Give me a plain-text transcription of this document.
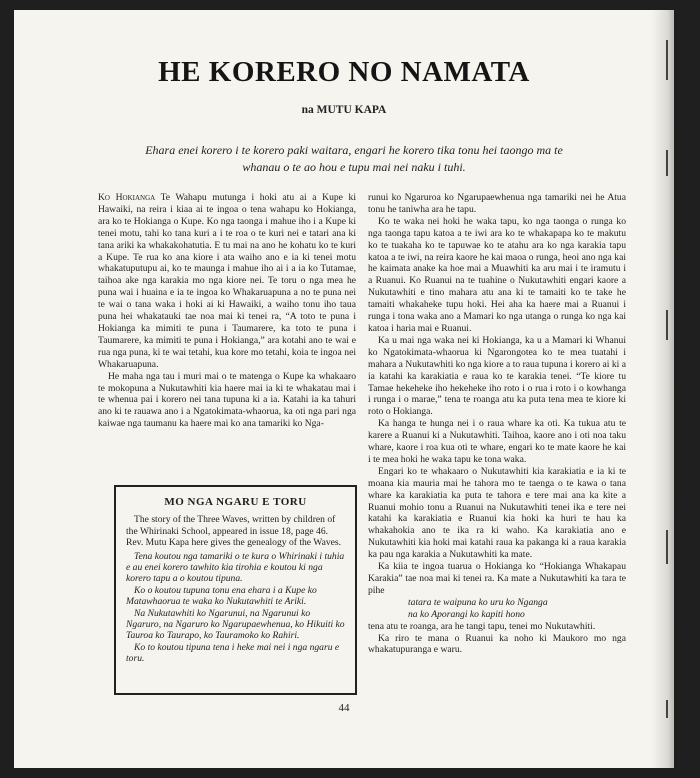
HE KORERO NO NAMATA
na MUTU KAPA
Ehara enei korero i te korero paki waitara, engari he korero tika tonu hei taongo ma te whanau o te ao hou e tupu mai nei naku i tuhi.

Ko Hokianga Te Wahapu mutunga i hoki atu ai a Kupe ki Hawaiki, na reira i kiaa ai te ingoa o tena wahapu ko Hokianga, ara ko te Hokianga o Kupe. Ko nga taonga i mahue iho i a Kupe ki tenei motu, tahi ko tana kuri a i te roa o te kuri nei e tatari ana ki tana ariki ka whakakohatutia. E tu mai na ano he kohatu ko te kuri a Kupe. Te rua ko ana kiore i ata waiho ano e ia ki tenei motu whakatuputupu ai, ko te maunga i mahue iho ai i a ia ko Tutamae, taihoa ake nga karakia mo nga kiore nei. Te toru o nga mea he puna wai i huaina e ia te ingoa ko Whakaruapuna a no te puna nei te wai o tana waka i hoki ai ki Hawaiki, a waiho tonu iho taua puna hei whakatauki tae noa mai ki tenei ra, “A toto te puna i Hokianga ka mimiti te puna i Taumarere, ka toto te puna i Taumarere, ka mimiti te puna i Hokianga,” ara kotahi ano te wai e rua nga puna, ki te wai tetahi, kua kore mo tetahi, koia te ingoa nei Whakaruapuna.

He maha nga tau i muri mai o te matenga o Kupe ka whakaaro te mokopuna a Nukutawhiti kia haere mai ia ki te whakatau mai i te whenua pai i korero nei tana tupuna ki a ia. Katahi ia ka tahuri ano ki te rauawa ano i a Ngatokimata-whaorua, ka oti nga pari nga kaiwae nga taumanu ka haere mai ko ana tamariki ko Nga-

MO NGA NGARU E TORU

The story of the Three Waves, written by children of the Whirinaki School, appeared in issue 18, page 46. Rev. Mutu Kapa here gives the genealogy of the Waves.

Tena koutou nga tamariki o te kura o Whirinaki i tuhia e au enei korero tawhito kia tirohia e koutou ki nga korero tapu a o koutou tipuna.

Ko o koutou tupuna tonu ena ehara i a Kupe ko Matawhaorua te waka ko Nukutawhiti te Ariki.

Na Nukutawhiti ko Ngarunui, na Ngarunui ko Ngaruro, na Ngaruro ko Ngarupaewhenua, ko Hikuiti ko Tauroa ko Taurapo, ko Tauramoko ko Rahiri.

Ko to koutou tipuna tena i heke mai nei i nga ngaru e toru.

runui ko Ngaruroa ko Ngarupaewhenua nga tamariki nei he Atua tonu he taniwha ara he tapu.

Ko te waka nei hoki he waka tapu, ko nga taonga o runga ko nga taonga tapu katoa a te iwi ara ko te whakapapa ko te makutu ko te tuakaha ko te tapuwae ko te atahu ara ko nga karakia tapu katoa a te iwi, na reira kaore he kai maoa o runga, heoi ano nga kai he kaimata anake ka hoe mai a Muawhiti ka aru mai i te iramutu i a Ruanui. Ko Ruanui na te tuahine o Nukutawhiti engari kaore a Nukutawhiti e tino mahara atu ana ki te tamaiti ko te take he tamaiti whakaheke tupu hoki. Hei aha ka haere mai a Ruanui i runga i tona waka ano a Mamari ko nga utanga o runga ko nga kai katoa i haria mai e Ruanui.

Ka u mai nga waka nei ki Hokianga, ka u a Mamari ki Whanui ko Ngatokimata-whaorua ki Ngarongotea ko te mea tuatahi i mahara a Nukutawhiti ko nga kiore a to raua tupuna i korero ai ki a ia katahi ka karakiatia e raua ko te karakia tenei. “Te kiore tu Tamae hekeheke iho hekeheke iho roto i o rua i roto i o kowhanga i runga i o marae,” tena te roanga atu ka puta tena mea te kiore ki roto o Hokianga.

Ka hanga te hunga nei i o raua whare ka oti. Ka tukua atu te karere a Ruanui ki a Nukutawhiti. Taihoa, kaore ano i oti noa taku whare, kaore i roa kua oti te whare, engari ko te mate kaore he kai i te mea hoki he waka tapu ke tona waka.

Engari ko te whakaaro o Nukutawhiti kia karakiatia e ia ki te moana kia mauria mai he tahora mo te taenga o te kawa o tana whare ka karakiatia ka puta te tahora e tere mai ana ka kite a Ruanui mohio tonu a Ruanui na Nukutawhiti tenei ika e tere nei katahi ka karakiatia e Ruanui kia hoki ka huri te hau ka whakahokia ano te ika ra ki waho. Ka karakiatia ano e Nukutawhiti kia hoki mai katahi raua ka pakanga ki a raua karakia ka pau nga karakia a Nukutawhiti ka mate.

Ka kiia te ingoa tuarua o Hokianga ko “Hokianga Whakapau Karakia” tae noa mai ki tenei ra. Ka mate a Nukutawhiti ka tara te pihe

tatara te waipuna ko uru ko Nganga
na ko Aporangi ko kapiti hono

tena atu te roanga, ara he tangi tapu, tenei mo Nukutawhiti.

Ka riro te mana o Ruanui ka noho ki Maukoro mo nga whakatupuranga e waru.

44
